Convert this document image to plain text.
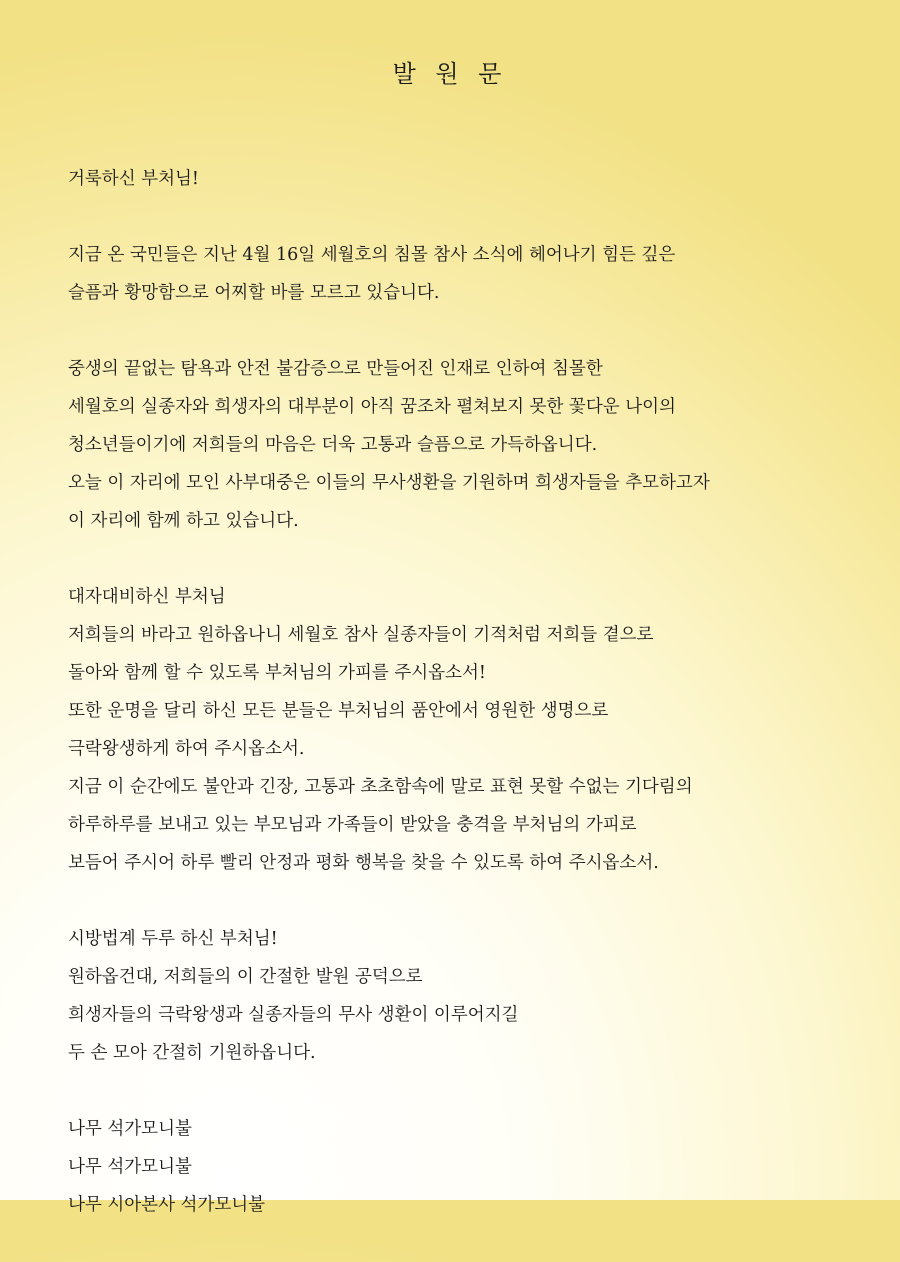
발 원 문
거룩하신 부처님!
지금 온 국민들은 지난 4월 16일 세월호의 침몰 참사 소식에 헤어나기 힘든 깊은
슬픔과 황망함으로 어찌할 바를 모르고 있습니다.
중생의 끝없는 탐욕과 안전 불감증으로 만들어진 인재로 인하여 침몰한
세월호의 실종자와 희생자의 대부분이 아직 꿈조차 펼쳐보지 못한 꽃다운 나이의
청소년들이기에 저희들의 마음은 더욱 고통과 슬픔으로 가득하옵니다.
오늘 이 자리에 모인 사부대중은 이들의 무사생환을 기원하며 희생자들을 추모하고자
이 자리에 함께 하고 있습니다.
대자대비하신 부처님
저희들의 바라고 원하옵나니 세월호 참사 실종자들이 기적처럼 저희들 곁으로
돌아와 함께 할 수 있도록 부처님의 가피를 주시옵소서!
또한 운명을 달리 하신 모든 분들은 부처님의 품안에서 영원한 생명으로
극락왕생하게 하여 주시옵소서.
지금 이 순간에도 불안과 긴장, 고통과 초초함속에 말로 표현 못할 수없는 기다림의
하루하루를 보내고 있는 부모님과 가족들이 받았을 충격을 부처님의 가피로
보듬어 주시어 하루 빨리 안정과 평화 행복을 찾을 수 있도록 하여 주시옵소서.
시방법계 두루 하신 부처님!
원하옵건대, 저희들의 이 간절한 발원 공덕으로
희생자들의 극락왕생과 실종자들의 무사 생환이 이루어지길
두 손 모아 간절히 기원하옵니다.
나무 석가모니불
나무 석가모니불
나무 시아본사 석가모니불
